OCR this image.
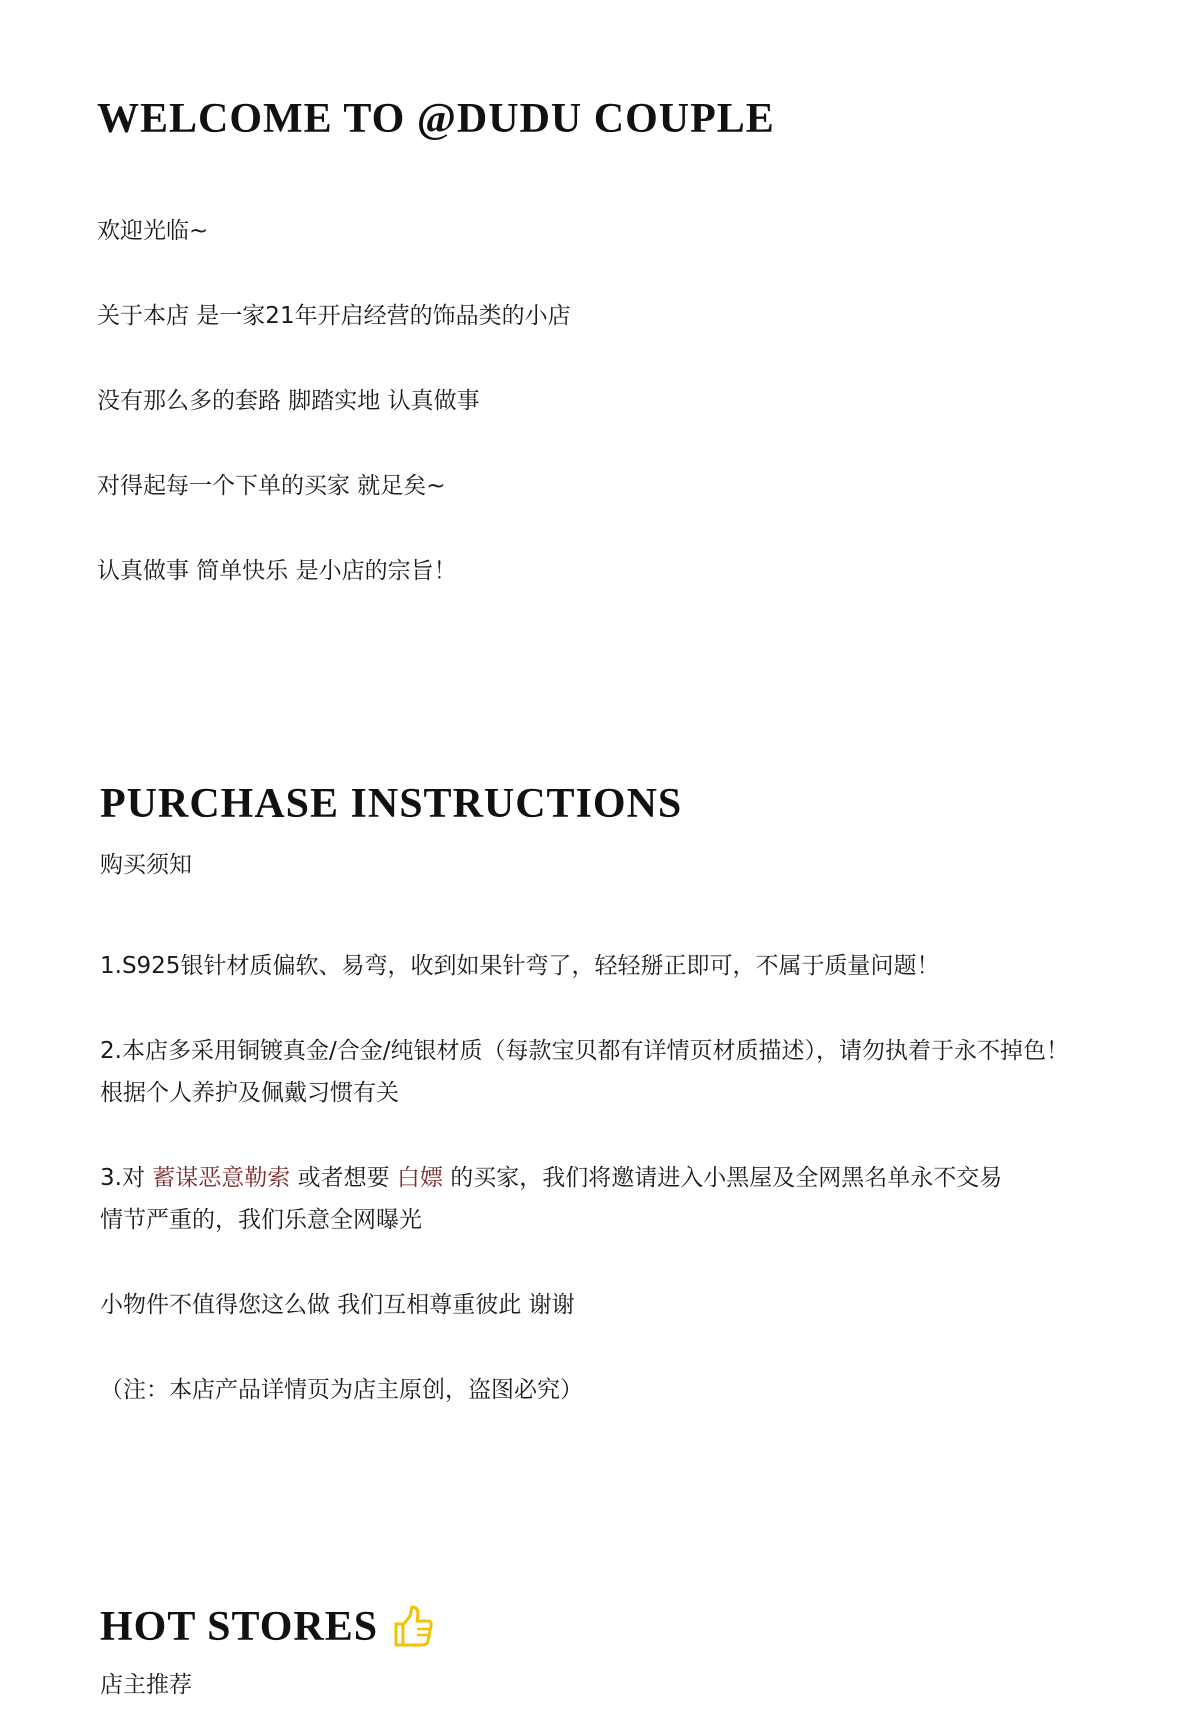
WELCOME TO @DUDU COUPLE

欢迎光临~

关于本店 是一家21年开启经营的饰品类的小店

没有那么多的套路 脚踏实地 认真做事

对得起每一个下单的买家 就足矣~

认真做事 简单快乐 是小店的宗旨！

PURCHASE INSTRUCTIONS

购买须知

1.S925银针材质偏软、易弯，收到如果针弯了，轻轻掰正即可，不属于质量问题！

2.本店多采用铜镀真金/合金/纯银材质（每款宝贝都有详情页材质描述），请勿执着于永不掉色！

根据个人养护及佩戴习惯有关

3.对 蓄谋恶意勒索 或者想要 白嫖 的买家，我们将邀请进入小黑屋及全网黑名单永不交易

情节严重的，我们乐意全网曝光

小物件不值得您这么做 我们互相尊重彼此 谢谢

（注：本店产品详情页为店主原创，盗图必究）

HOT STORES

店主推荐
